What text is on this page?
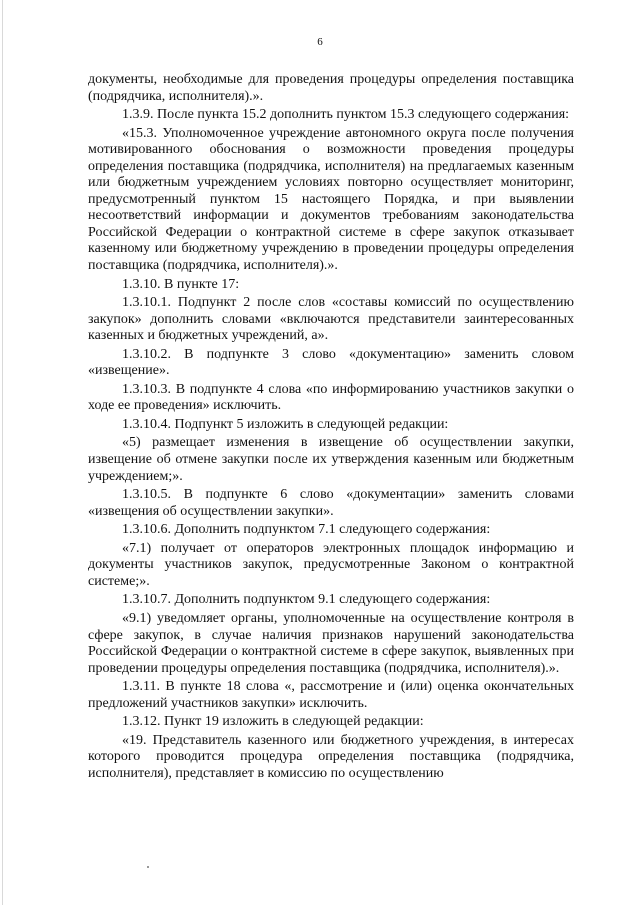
6

документы, необходимые для проведения процедуры определения поставщика (подрядчика, исполнителя).».

1.3.9. После пункта 15.2 дополнить пунктом 15.3 следующего содержания:

«15.3. Уполномоченное учреждение автономного округа после получения мотивированного обоснования о возможности проведения процедуры определения поставщика (подрядчика, исполнителя) на предлагаемых казенным или бюджетным учреждением условиях повторно осуществляет мониторинг, предусмотренный пунктом 15 настоящего Порядка, и при выявлении несоответствий информации и документов требованиям законодательства Российской Федерации о контрактной системе в сфере закупок отказывает казенному или бюджетному учреждению в проведении процедуры определения поставщика (подрядчика, исполнителя).».

1.3.10. В пункте 17:

1.3.10.1. Подпункт 2 после слов «составы комиссий по осуществлению закупок» дополнить словами «включаются представители заинтересованных казенных и бюджетных учреждений, а».

1.3.10.2. В подпункте 3 слово «документацию» заменить словом «извещение».

1.3.10.3. В подпункте 4 слова «по информированию участников закупки о ходе ее проведения» исключить.

1.3.10.4. Подпункт 5 изложить в следующей редакции:

«5) размещает изменения в извещение об осуществлении закупки, извещение об отмене закупки после их утверждения казенным или бюджетным учреждением;».

1.3.10.5. В подпункте 6 слово «документации» заменить словами «извещения об осуществлении закупки».

1.3.10.6. Дополнить подпунктом 7.1 следующего содержания:

«7.1) получает от операторов электронных площадок информацию и документы участников закупок, предусмотренные Законом о контрактной системе;».

1.3.10.7. Дополнить подпунктом 9.1 следующего содержания:

«9.1) уведомляет органы, уполномоченные на осуществление контроля в сфере закупок, в случае наличия признаков нарушений законодательства Российской Федерации о контрактной системе в сфере закупок, выявленных при проведении процедуры определения поставщика (подрядчика, исполнителя).».

1.3.11. В пункте 18 слова «, рассмотрение и (или) оценка окончательных предложений участников закупки» исключить.

1.3.12. Пункт 19 изложить в следующей редакции:

«19. Представитель казенного или бюджетного учреждения, в интересах которого проводится процедура определения поставщика (подрядчика, исполнителя), представляет в комиссию по осуществлению
